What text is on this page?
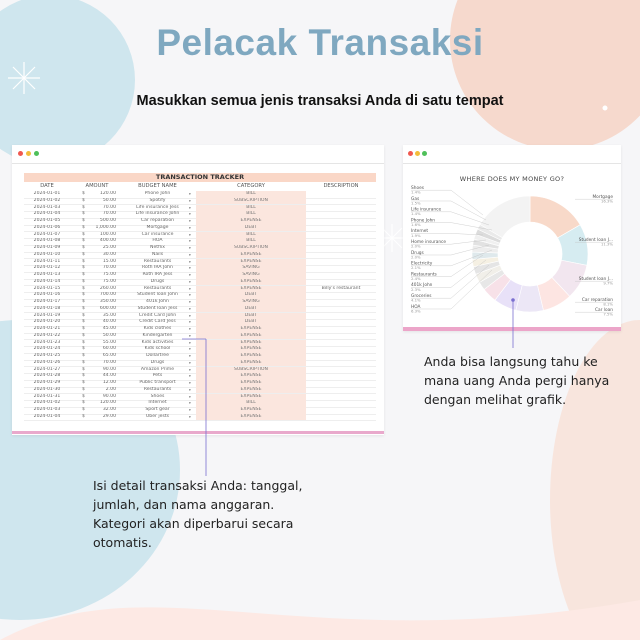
Pelacak Transaksi
Masukkan semua jenis transaksi Anda di satu tempat
TRANSACTION TRACKER
DATE	AMOUNT	BUDGET NAME	CATEGORY	DESCRIPTION
2024-01-01	$	120.00	Phone John	▾	BILL
2024-01-02	$	50.00	Spotify	▾	SUBSCRIPTION
2024-01-03	$	70.00	Life insurance Jess	▾	BILL
2024-01-04	$	70.00	Life insurance John	▾	BILL
2024-01-05	$	500.00	Car reparation	▾	EXPENSE
2024-01-06	$	1,000.00	Mortgage	▾	DEBT
2024-01-07	$	100.00	Car insurance	▾	BILL
2024-01-08	$	400.00	HOA	▾	BILL
2024-01-09	$	25.00	Netflix	▾	SUBSCRIPTION
2024-01-10	$	30.00	Nails	▾	EXPENSE
2024-01-11	$	15.00	Restaurants	▾	EXPENSE
2024-01-12	$	70.00	Roth IRA John	▾	SAVING
2024-01-13	$	75.00	Roth IRA Jess	▾	SAVING
2024-01-14	$	75.00	Drugs	▾	EXPENSE
2024-01-15	$	260.00	Restaurants	▾	EXPENSE	Billy's restaurant
2024-01-16	$	700.00	Student loan John	▾	DEBT
2024-01-17	$	350.00	401k John	▾	SAVING
2024-01-18	$	600.00	Student loan Jess	▾	DEBT
2024-01-19	$	35.00	Credit Card John	▾	DEBT
2024-01-20	$	40.00	Credit Card Jess	▾	DEBT
2024-01-21	$	45.00	Kids clothes	▾	EXPENSE
2024-01-22	$	50.00	Kindergarten	▾	EXPENSE
2024-01-23	$	55.00	Kids activities	▾	EXPENSE
2024-01-24	$	60.00	Kids school	▾	EXPENSE
2024-01-25	$	65.00	Dollartree	▾	EXPENSE
2024-01-26	$	70.00	Drugs	▾	EXPENSE
2024-01-27	$	90.00	Amazon Prime	▾	SUBSCRIPTION
2024-01-28	$	44.00	Pets	▾	EXPENSE
2024-01-29	$	12.00	Public transport	▾	EXPENSE
2024-01-30	$	2.00	Restaurants	▾	EXPENSE
2024-01-31	$	90.00	Shoes	▾	EXPENSE
2024-01-02	$	120.00	Internet	▾	BILL
2024-01-03	$	32.00	Sport gear	▾	EXPENSE
2024-01-04	$	29.00	Uber jests	▾	EXPENSE
WHERE DOES MY MONEY GO?
Shoes
1.4%
Gas
1.5%
Life insurance
1.4%
Phone John
1.6%
Internet
1.9%
Home insurance
2.0%
Drugs
2.0%
Electricity
2.1%
Restaurants
2.4%
401k John
2.3%
Groceries
4.1%
HOA
6.3%
Mortgage
16.3%
Student loan J...
11.3%
Student loan J...
9.7%
Car reparation
8.1%
Car loan
7.5%
Anda bisa langsung tahu ke mana uang Anda pergi hanya dengan melihat grafik.
Isi detail transaksi Anda: tanggal, jumlah, dan nama anggaran. Kategori akan diperbarui secara otomatis.
